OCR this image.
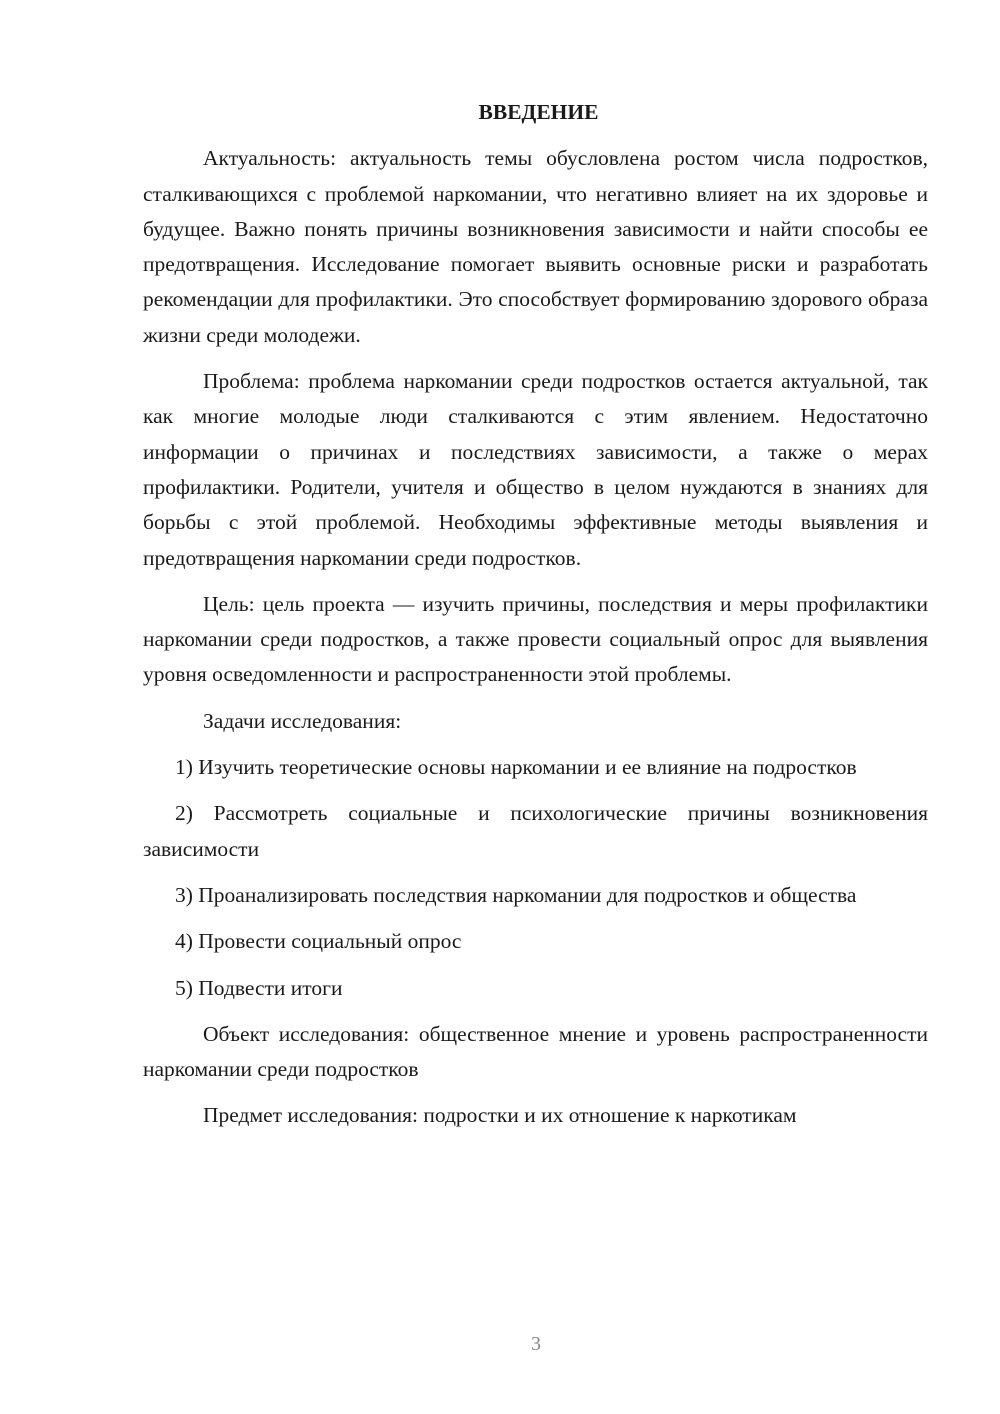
ВВЕДЕНИЕ

Актуальность: актуальность темы обусловлена ростом числа подростков, сталкивающихся с проблемой наркомании, что негативно влияет на их здоровье и будущее. Важно понять причины возникновения зависимости и найти способы ее предотвращения. Исследование помогает выявить основные риски и разработать рекомендации для профилактики. Это способствует формированию здорового образа жизни среди молодежи.

Проблема: проблема наркомании среди подростков остается актуальной, так как многие молодые люди сталкиваются с этим явлением. Недостаточно информации о причинах и последствиях зависимости, а также о мерах профилактики. Родители, учителя и общество в целом нуждаются в знаниях для борьбы с этой проблемой. Необходимы эффективные методы выявления и предотвращения наркомании среди подростков.

Цель: цель проекта — изучить причины, последствия и меры профилактики наркомании среди подростков, а также провести социальный опрос для выявления уровня осведомленности и распространенности этой проблемы.

Задачи исследования:

1) Изучить теоретические основы наркомании и ее влияние на подростков

2) Рассмотреть социальные и психологические причины возникновения зависимости

3) Проанализировать последствия наркомании для подростков и общества

4) Провести социальный опрос

5) Подвести итоги

Объект исследования: общественное мнение и уровень распространенности наркомании среди подростков

Предмет исследования: подростки и их отношение к наркотикам

3
